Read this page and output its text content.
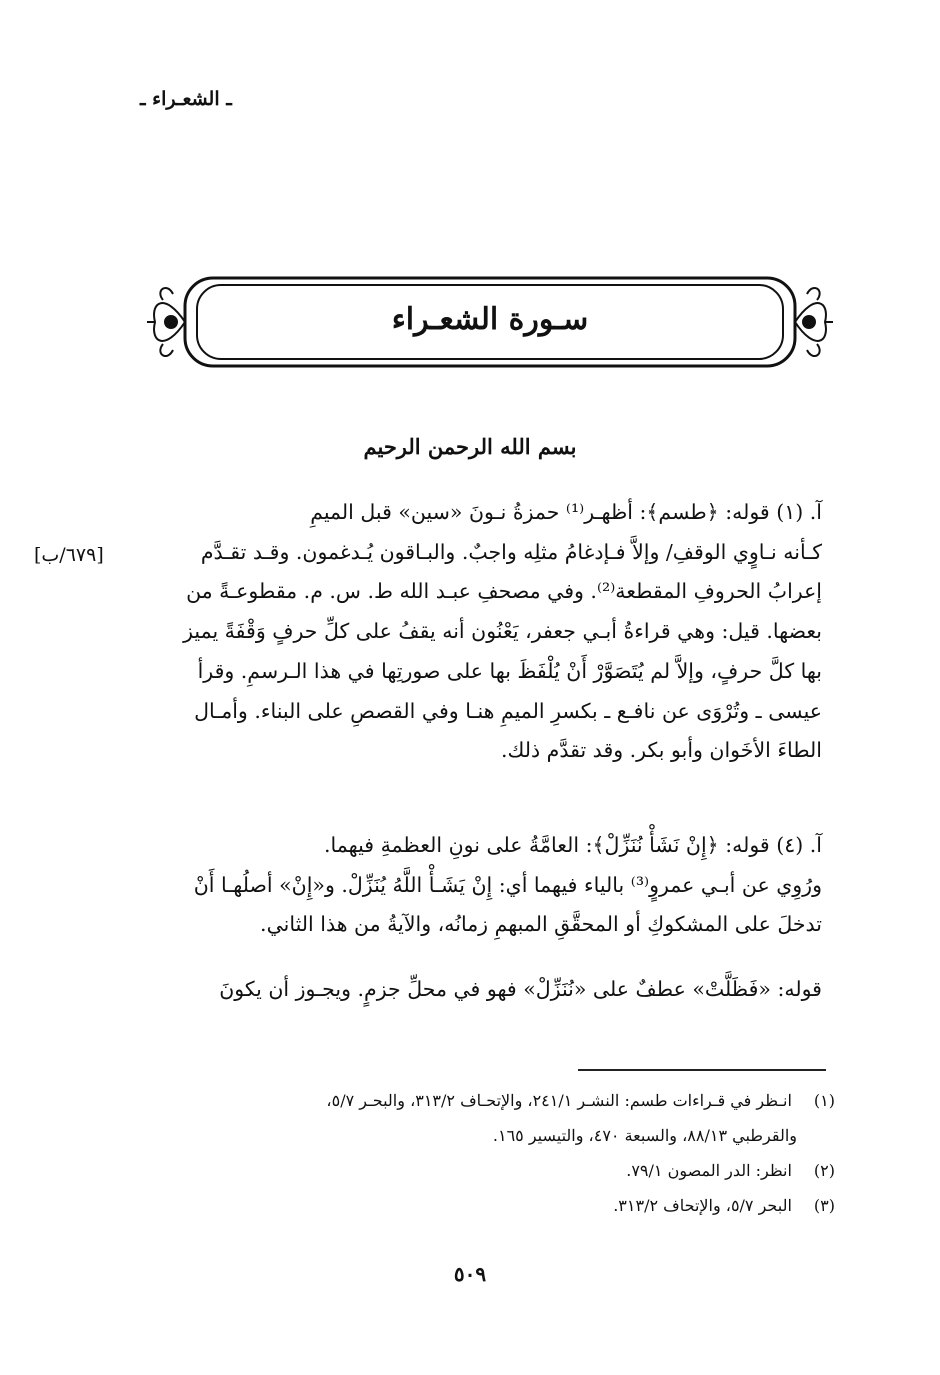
ـ الشعـراء ـ
سـورة الشعـراء
بسم الله الرحمن الرحيم
[٦٧٩/ب]
آ. (١) قوله: ﴿طسم﴾: أظهـر⁽¹⁾ حمزةُ نـونَ «سين» قبل الميمِ
كـأنه نـاوٍي الوقفِ/ وإلاَّ فـإدغامُ مثلِه واجبٌ. والبـاقون يُـدغمون. وقـد تقـدَّم
إعرابُ الحروفِ المقطعة⁽²⁾. وفي مصحفِ عبـد الله ط. س. م. مقطوعـةً من
بعضها. قيل: وهي قراءةُ أبـي جعفر، يَعْنُون أنه يقفُ على كلِّ حرفٍ وَقْفَةً يميز
بها كلَّ حرفٍ، وإلاَّ لم يُتَصَوَّرْ أَنْ يُلْفَظَ بها على صورتِها في هذا الـرسمِ. وقرأ
عيسى ـ وتُرْوَى عن نافـع ـ بكسرِ الميمِ هنـا وفي القصصِ على البناء. وأمـال
الطاءَ الأخَوان وأبو بكر. وقد تقدَّم ذلك.
آ. (٤) قوله: ﴿إِنْ نَشَأْ نُنَزِّلْ﴾: العامَّةُ على نونِ العظمةِ فيهما.
ورُوِي عن أبـي عمروٍ⁽³⁾ بالياء فيهما أي: إِنْ يَشَـأْ اللَّهُ يُنَزِّلْ. و«إِنْ» أصلُهـا أَنْ
تدخلَ على المشكوكِ أو المحقَّقِ المبهمِ زمانُه، والآيةُ من هذا الثاني.
قوله: «فَظَلَّتْ» عطفٌ على «نُنَزِّلْ» فهو في محلِّ جزمٍ. ويجـوز أن يكونَ
(١) انـظر في قـراءات طسم: النشـر ٢٤١/١، والإتحـاف ٣١٣/٢، والبحـر ٥/٧،
والقرطبي ٨٨/١٣، والسبعة ٤٧٠، والتيسير ١٦٥.
(٢) انظر: الدر المصون ٧٩/١.
(٣) البحر ٥/٧، والإتحاف ٣١٣/٢.
٥٠٩
